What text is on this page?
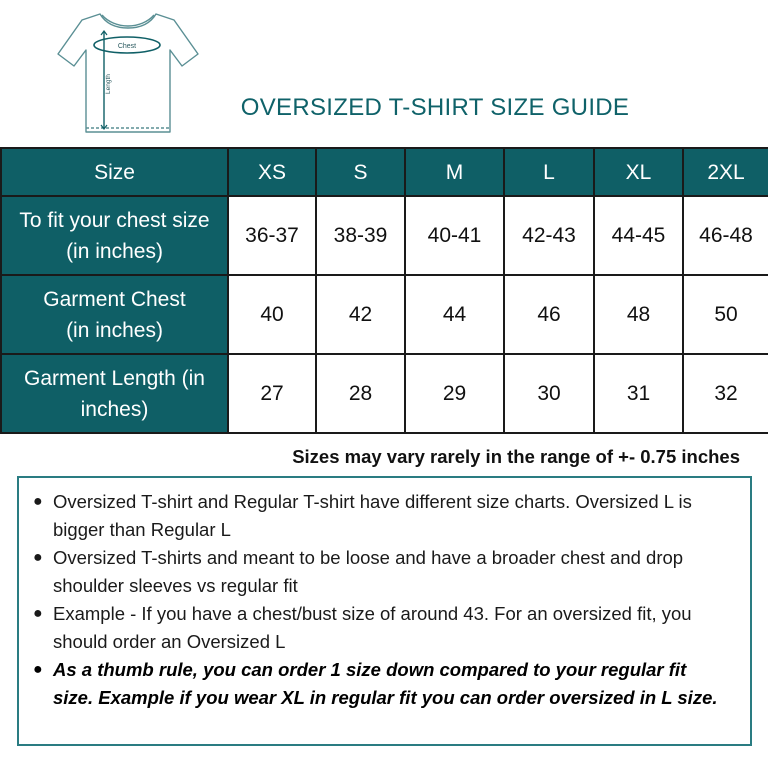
Chest
Length
OVERSIZED T-SHIRT SIZE GUIDE
Size	XS	S	M	L	XL	2XL
To fit your chest size
(in inches)	36-37	38-39	40-41	42-43	44-45	46-48
Garment Chest
(in inches)	40	42	44	46	48	50
Garment Length (in
inches)	27	28	29	30	31	32
Sizes may vary rarely in the range of +- 0.75 inches
● Oversized T-shirt and Regular T-shirt have different size charts. Oversized L is bigger than Regular L
● Oversized T-shirts and meant to be loose and have a broader chest and drop shoulder sleeves vs regular fit
● Example - If you have a chest/bust size of around 43. For an oversized fit, you should order an Oversized L
● As a thumb rule, you can order 1 size down compared to your regular fit size. Example if you wear XL in regular fit you can order oversized in L size.
